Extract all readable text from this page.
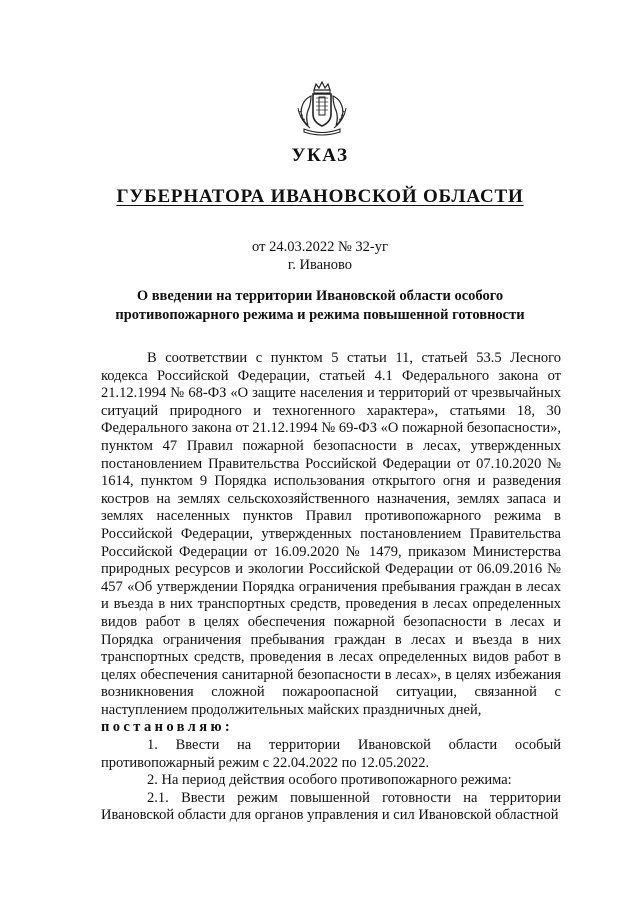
УКАЗ
ГУБЕРНАТОРА ИВАНОВСКОЙ ОБЛАСТИ
от 24.03.2022 № 32-уг
г. Иваново
О введении на территории Ивановской области особого
противопожарного режима и режима повышенной готовности

В соответствии с пунктом 5 статьи 11, статьей 53.5 Лесного кодекса Российской Федерации, статьей 4.1 Федерального закона от 21.12.1994 № 68-ФЗ «О защите населения и территорий от чрезвычайных ситуаций природного и техногенного характера», статьями 18, 30 Федерального закона от 21.12.1994 № 69-ФЗ «О пожарной безопасности», пунктом 47 Правил пожарной безопасности в лесах, утвержденных постановлением Правительства Российской Федерации от 07.10.2020 № 1614, пунктом 9 Порядка использования открытого огня и разведения костров на землях сельскохозяйственного назначения, землях запаса и землях населенных пунктов Правил противопожарного режима в Российской Федерации, утвержденных постановлением Правительства Российской Федерации от 16.09.2020 № 1479, приказом Министерства природных ресурсов и экологии Российской Федерации от 06.09.2016 № 457 «Об утверждении Порядка ограничения пребывания граждан в лесах и въезда в них транспортных средств, проведения в лесах определенных видов работ в целях обеспечения пожарной безопасности в лесах и Порядка ограничения пребывания граждан в лесах и въезда в них транспортных средств, проведения в лесах определенных видов работ в целях обеспечения санитарной безопасности в лесах», в целях избежания возникновения сложной пожароопасной ситуации, связанной с наступлением продолжительных майских праздничных дней,

постановляю:

1. Ввести на территории Ивановской области особый противопожарный режим с 22.04.2022 по 12.05.2022.

2. На период действия особого противопожарного режима:

2.1. Ввести режим повышенной готовности на территории Ивановской области для органов управления и сил Ивановской областной
